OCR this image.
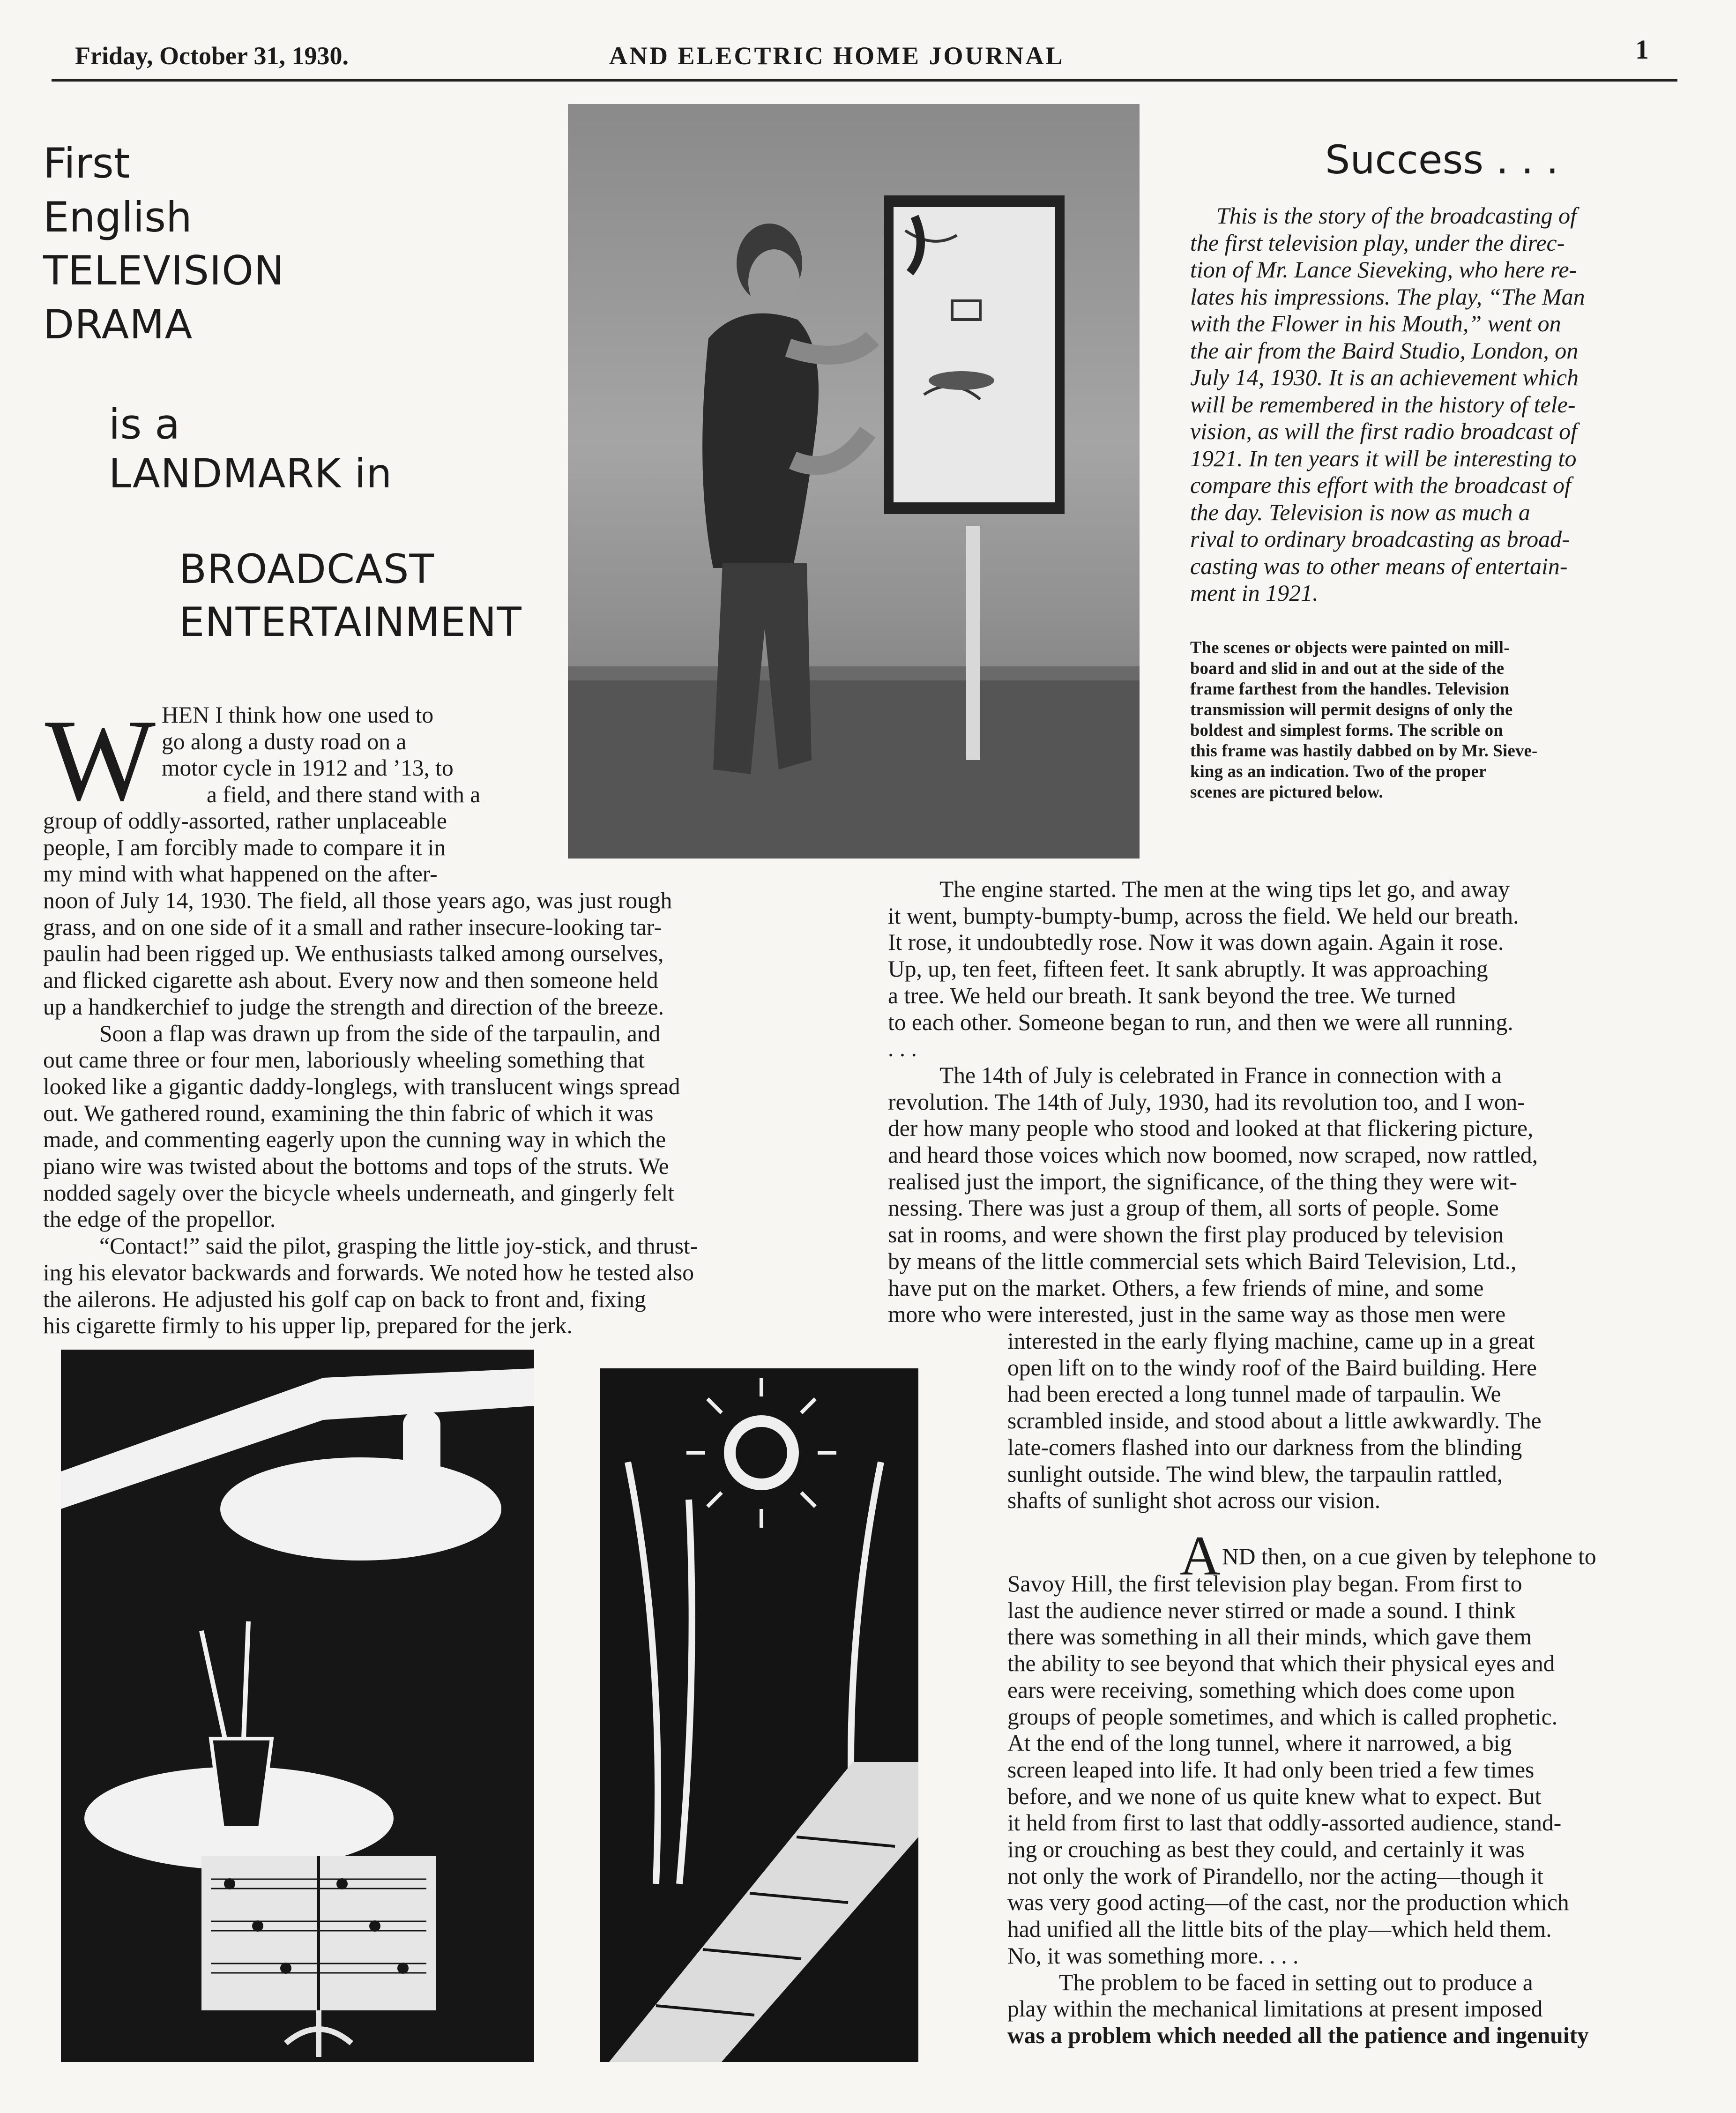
Friday, October 31, 1930.	AND ELECTRIC HOME JOURNAL	1
First
English
TELEVISION
DRAMA
is a
LANDMARK in
BROADCAST
ENTERTAINMENT
Success . . .
This is the story of the broadcasting of
the first television play, under the direc-
tion of Mr. Lance Sieveking, who here re-
lates his impressions. The play, “The Man
with the Flower in his Mouth,” went on
the air from the Baird Studio, London, on
July 14, 1930. It is an achievement which
will be remembered in the history of tele-
vision, as will the first radio broadcast of
1921. In ten years it will be interesting to
compare this effort with the broadcast of
the day. Television is now as much a
rival to ordinary broadcasting as broad-
casting was to other means of entertain-
ment in 1921.
The scenes or objects were painted on mill-
board and slid in and out at the side of the
frame farthest from the handles. Television
transmission will permit designs of only the
boldest and simplest forms. The scrible on
this frame was hastily dabbed on by Mr. Sieve-
king as an indication. Two of the proper
scenes are pictured below.
W HEN I think how one used to
go along a dusty road on a
motor cycle in 1912 and ’13, to
a field, and there stand with a
group of oddly-assorted, rather unplaceable
people, I am forcibly made to compare it in
my mind with what happened on the after-
noon of July 14, 1930. The field, all those years ago, was just rough
grass, and on one side of it a small and rather insecure-looking tar-
paulin had been rigged up. We enthusiasts talked among ourselves,
and flicked cigarette ash about. Every now and then someone held
up a handkerchief to judge the strength and direction of the breeze.
Soon a flap was drawn up from the side of the tarpaulin, and
out came three or four men, laboriously wheeling something that
looked like a gigantic daddy-longlegs, with translucent wings spread
out. We gathered round, examining the thin fabric of which it was
made, and commenting eagerly upon the cunning way in which the
piano wire was twisted about the bottoms and tops of the struts. We
nodded sagely over the bicycle wheels underneath, and gingerly felt
the edge of the propellor.
“Contact!” said the pilot, grasping the little joy-stick, and thrust-
ing his elevator backwards and forwards. We noted how he tested also
the ailerons. He adjusted his golf cap on back to front and, fixing
his cigarette firmly to his upper lip, prepared for the jerk.
The engine started. The men at the wing tips let go, and away
it went, bumpty-bumpty-bump, across the field. We held our breath.
It rose, it undoubtedly rose. Now it was down again. Again it rose.
Up, up, ten feet, fifteen feet. It sank abruptly. It was approaching
a tree. We held our breath. It sank beyond the tree. We turned
to each other. Someone began to run, and then we were all running.
. . .
The 14th of July is celebrated in France in connection with a
revolution. The 14th of July, 1930, had its revolution too, and I won-
der how many people who stood and looked at that flickering picture,
and heard those voices which now boomed, now scraped, now rattled,
realised just the import, the significance, of the thing they were wit-
nessing. There was just a group of them, all sorts of people. Some
sat in rooms, and were shown the first play produced by television
by means of the little commercial sets which Baird Television, Ltd.,
have put on the market. Others, a few friends of mine, and some
more who were interested, just in the same way as those men were
interested in the early flying machine, came up in a great
open lift on to the windy roof of the Baird building. Here
had been erected a long tunnel made of tarpaulin. We
scrambled inside, and stood about a little awkwardly. The
late-comers flashed into our darkness from the blinding
sunlight outside. The wind blew, the tarpaulin rattled,
shafts of sunlight shot across our vision.
A ND then, on a cue given by telephone to
Savoy Hill, the first television play began. From first to
last the audience never stirred or made a sound. I think
there was something in all their minds, which gave them
the ability to see beyond that which their physical eyes and
ears were receiving, something which does come upon
groups of people sometimes, and which is called prophetic.
At the end of the long tunnel, where it narrowed, a big
screen leaped into life. It had only been tried a few times
before, and we none of us quite knew what to expect. But
it held from first to last that oddly-assorted audience, stand-
ing or crouching as best they could, and certainly it was
not only the work of Pirandello, nor the acting—though it
was very good acting—of the cast, nor the production which
had unified all the little bits of the play—which held them.
No, it was something more. . . .
The problem to be faced in setting out to produce a
play within the mechanical limitations at present imposed
was a problem which needed all the patience and ingenuity
